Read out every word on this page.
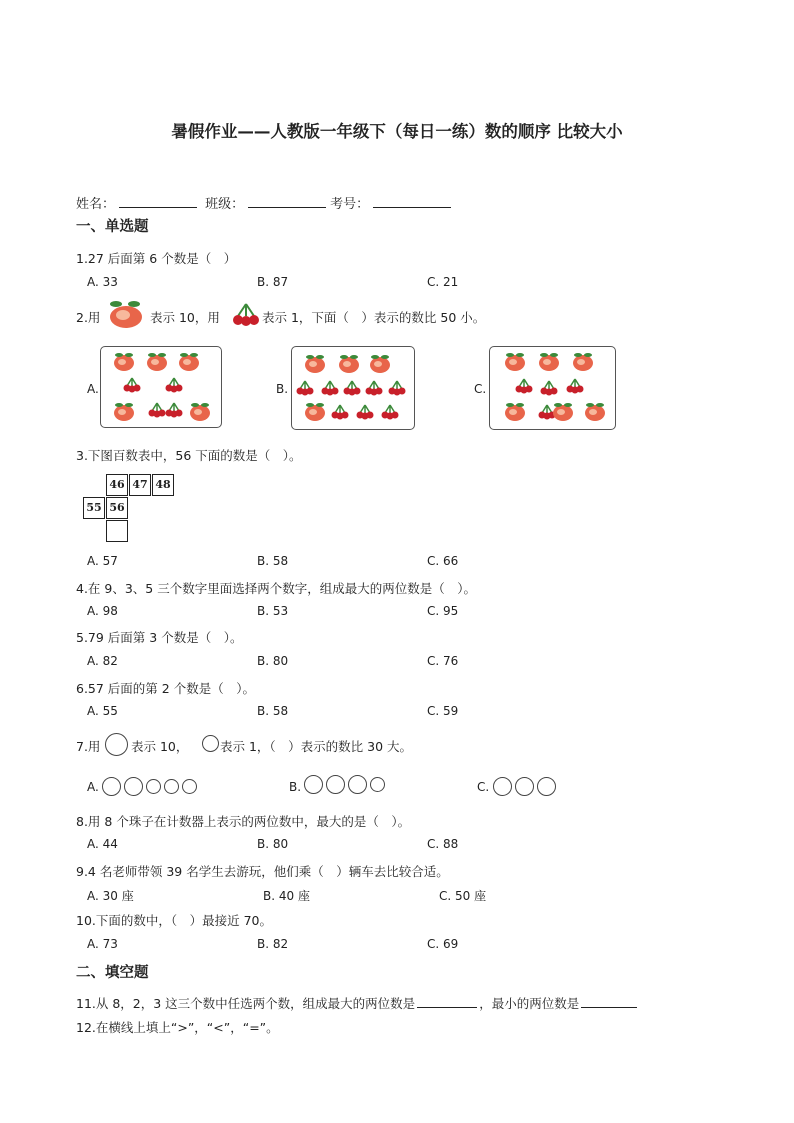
暑假作业——人教版一年级下（每日一练）数的顺序 比较大小
姓名：	班级：	考号：
一、单选题
1.27 后面第 6 个数是（　）
A. 33	B. 87	C. 21
2.用	表示 10，用	表示 1，下面（　）表示的数比 50 小。
A.	B.	C.
3.下图百数表中，56 下面的数是（　）。
46 47 48
55 56
A. 57	B. 58	C. 66
4.在 9、3、5 三个数字里面选择两个数字，组成最大的两位数是（　）。
A. 98	B. 53	C. 95
5.79 后面第 3 个数是（　）。
A. 82	B. 80	C. 76
6.57 后面的第 2 个数是（　）。
A. 55	B. 58	C. 59
7.用 表示 10，	表示 1，（　）表示的数比 30 大。
A.	B.	C.
8.用 8 个珠子在计数器上表示的两位数中，最大的是（　）。
A. 44	B. 80	C. 88
9.4 名老师带领 39 名学生去游玩，他们乘（　）辆车去比较合适。
A. 30 座	B. 40 座	C. 50 座
10.下面的数中，（　）最接近 70。
A. 73	B. 82	C. 69
二、填空题
11.从 8，2，3 这三个数中任选两个数，组成最大的两位数是	，最小的两位数是
12.在横线上填上“>”，“<”，“=”。
